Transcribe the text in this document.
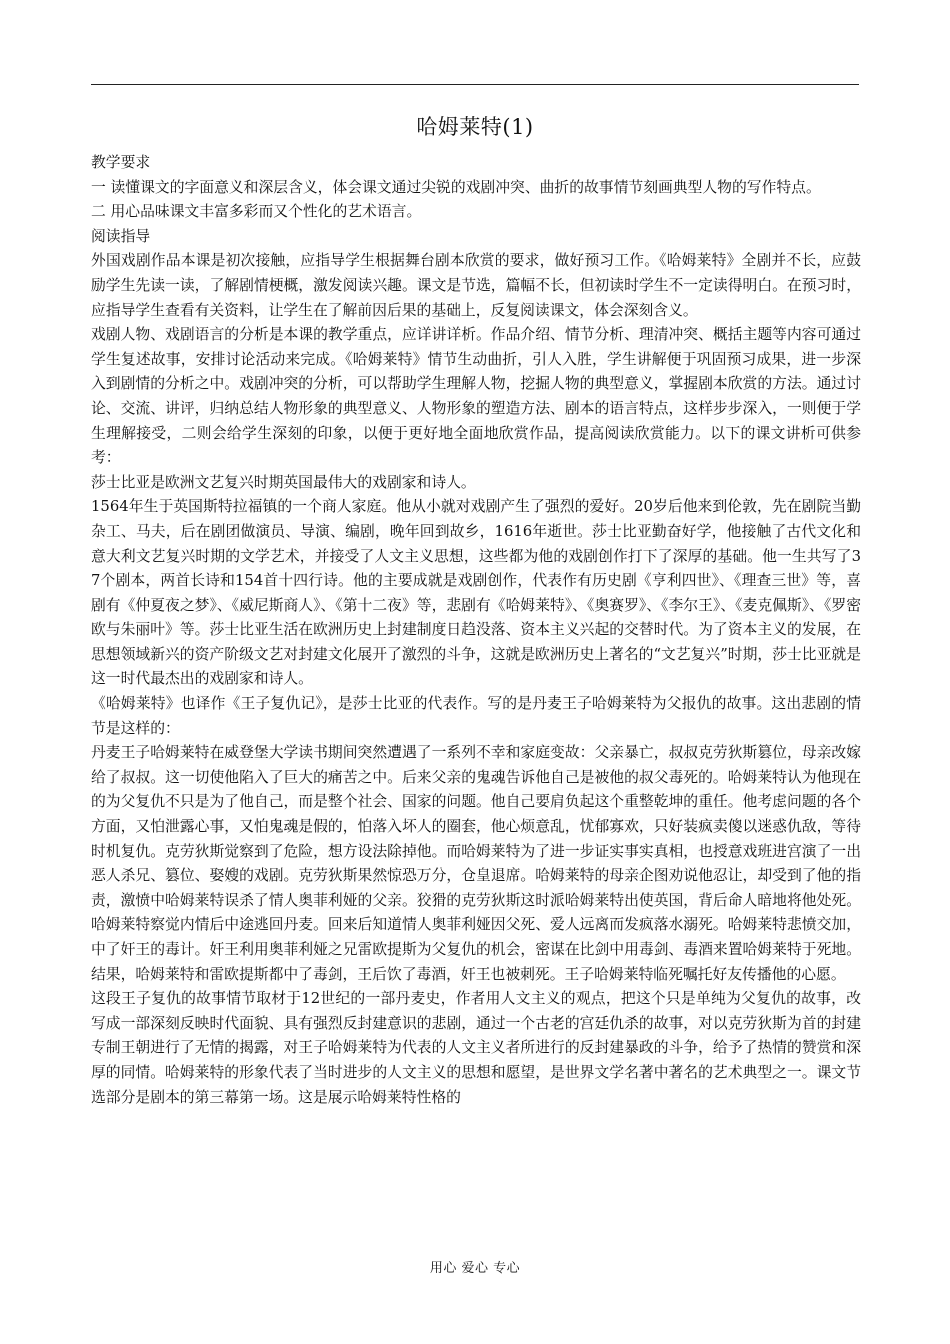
哈姆莱特(1)

教学要求

一 读懂课文的字面意义和深层含义，体会课文通过尖锐的戏剧冲突、曲折的故事情节刻画典型人物的写作特点。

二 用心品味课文丰富多彩而又个性化的艺术语言。

阅读指导

外国戏剧作品本课是初次接触，应指导学生根据舞台剧本欣赏的要求，做好预习工作。《哈姆莱特》全剧并不长，应鼓励学生先读一读，了解剧情梗概，激发阅读兴趣。课文是节选，篇幅不长，但初读时学生不一定读得明白。在预习时，应指导学生查看有关资料，让学生在了解前因后果的基础上，反复阅读课文，体会深刻含义。

戏剧人物、戏剧语言的分析是本课的教学重点，应详讲详析。作品介绍、情节分析、理清冲突、概括主题等内容可通过学生复述故事，安排讨论活动来完成。《哈姆莱特》情节生动曲折，引人入胜，学生讲解便于巩固预习成果，进一步深入到剧情的分析之中。戏剧冲突的分析，可以帮助学生理解人物，挖掘人物的典型意义，掌握剧本欣赏的方法。通过讨论、交流、讲评，归纳总结人物形象的典型意义、人物形象的塑造方法、剧本的语言特点，这样步步深入，一则便于学生理解接受，二则会给学生深刻的印象，以便于更好地全面地欣赏作品，提高阅读欣赏能力。以下的课文讲析可供参考：

莎士比亚是欧洲文艺复兴时期英国最伟大的戏剧家和诗人。

1564年生于英国斯特拉福镇的一个商人家庭。他从小就对戏剧产生了强烈的爱好。20岁后他来到伦敦，先在剧院当勤杂工、马夫，后在剧团做演员、导演、编剧，晚年回到故乡，1616年逝世。莎士比亚勤奋好学，他接触了古代文化和意大利文艺复兴时期的文学艺术，并接受了人文主义思想，这些都为他的戏剧创作打下了深厚的基础。他一生共写了37个剧本，两首长诗和154首十四行诗。他的主要成就是戏剧创作，代表作有历史剧《亨利四世》、《理查三世》等，喜剧有《仲夏夜之梦》、《威尼斯商人》、《第十二夜》等，悲剧有《哈姆莱特》、《奥赛罗》、《李尔王》、《麦克佩斯》、《罗密欧与朱丽叶》等。莎士比亚生活在欧洲历史上封建制度日趋没落、资本主义兴起的交替时代。为了资本主义的发展，在思想领域新兴的资产阶级文艺对封建文化展开了激烈的斗争，这就是欧洲历史上著名的“文艺复兴”时期，莎士比亚就是这一时代最杰出的戏剧家和诗人。

《哈姆莱特》也译作《王子复仇记》，是莎士比亚的代表作。写的是丹麦王子哈姆莱特为父报仇的故事。这出悲剧的情节是这样的：

丹麦王子哈姆莱特在威登堡大学读书期间突然遭遇了一系列不幸和家庭变故：父亲暴亡，叔叔克劳狄斯篡位，母亲改嫁给了叔叔。这一切使他陷入了巨大的痛苦之中。后来父亲的鬼魂告诉他自己是被他的叔父毒死的。哈姆莱特认为他现在的为父复仇不只是为了他自己，而是整个社会、国家的问题。他自己要肩负起这个重整乾坤的重任。他考虑问题的各个方面，又怕泄露心事，又怕鬼魂是假的，怕落入坏人的圈套，他心烦意乱，忧郁寡欢，只好装疯卖傻以迷惑仇敌，等待时机复仇。克劳狄斯觉察到了危险，想方设法除掉他。而哈姆莱特为了进一步证实事实真相，也授意戏班进宫演了一出恶人杀兄、篡位、娶嫂的戏剧。克劳狄斯果然惊恐万分，仓皇退席。哈姆莱特的母亲企图劝说他忍让，却受到了他的指责，激愤中哈姆莱特误杀了情人奥菲利娅的父亲。狡猾的克劳狄斯这时派哈姆莱特出使英国，背后命人暗地将他处死。哈姆莱特察觉内情后中途逃回丹麦。回来后知道情人奥菲利娅因父死、爱人远离而发疯落水溺死。哈姆莱特悲愤交加，中了奸王的毒计。奸王利用奥菲利娅之兄雷欧提斯为父复仇的机会，密谋在比剑中用毒剑、毒酒来置哈姆莱特于死地。结果，哈姆莱特和雷欧提斯都中了毒剑，王后饮了毒酒，奸王也被刺死。王子哈姆莱特临死嘱托好友传播他的心愿。

这段王子复仇的故事情节取材于12世纪的一部丹麦史，作者用人文主义的观点，把这个只是单纯为父复仇的故事，改写成一部深刻反映时代面貌、具有强烈反封建意识的悲剧，通过一个古老的宫廷仇杀的故事，对以克劳狄斯为首的封建专制王朝进行了无情的揭露，对王子哈姆莱特为代表的人文主义者所进行的反封建暴政的斗争，给予了热情的赞赏和深厚的同情。哈姆莱特的形象代表了当时进步的人文主义的思想和愿望，是世界文学名著中著名的艺术典型之一。课文节选部分是剧本的第三幕第一场。这是展示哈姆莱特性格的

用心 爱心 专心
